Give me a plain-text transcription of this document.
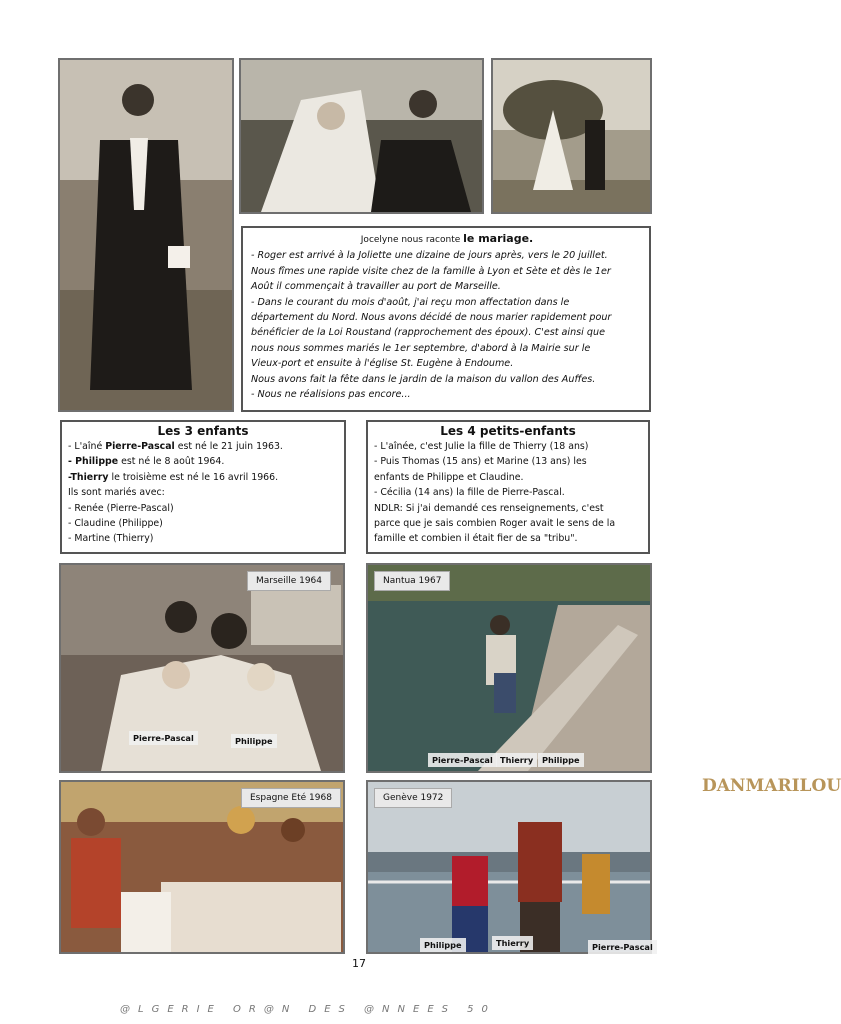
Jocelyne nous raconte le mariage.

- Roger est arrivé à la Joliette une dizaine de jours après, vers le 20 juillet.

Nous fîmes une rapide visite chez de la famille à Lyon et Sète et dès le 1er

Août il commençait à travailler au port de Marseille.

- Dans le courant du mois d'août, j'ai reçu mon affectation dans le

département du Nord. Nous avons décidé de nous marier rapidement pour

bénéficier de la Loi Roustand (rapprochement des époux). C'est ainsi que

nous nous sommes mariés le 1er septembre, d'abord à la Mairie sur le

Vieux-port et ensuite à l'église St. Eugène à Endoume.

Nous avons fait la fête dans le jardin de la maison du vallon des Auffes.

- Nous ne réalisions pas encore...

Les 3 enfants

- L'aîné Pierre-Pascal est né le 21 juin 1963.

- Philippe est né le 8 août 1964.

-Thierry le troisième est né le 16 avril 1966.

Ils sont mariés avec:

- Renée (Pierre-Pascal)

- Claudine (Philippe)

- Martine (Thierry)

Les 4 petits-enfants

- L'aînée, c'est Julie la fille de Thierry (18 ans)

- Puis Thomas (15 ans) et Marine (13 ans) les

enfants de Philippe et Claudine.

- Cécilia (14 ans) la fille de Pierre-Pascal.

NDLR: Si j'ai demandé ces renseignements, c'est

parce que je sais combien Roger avait le sens de la

famille et combien il était fier de sa "tribu".

Marseille 1964
Pierre-Pascal	Philippe
Nantua 1967
Pierre-Pascal Thierry	Philippe
Espagne Eté 1968	Genève 1972
Philippe	Thierry	Pierre-Pascal
17
DANMARILOU
@LGERIE OR@N DES @NNEES 50
